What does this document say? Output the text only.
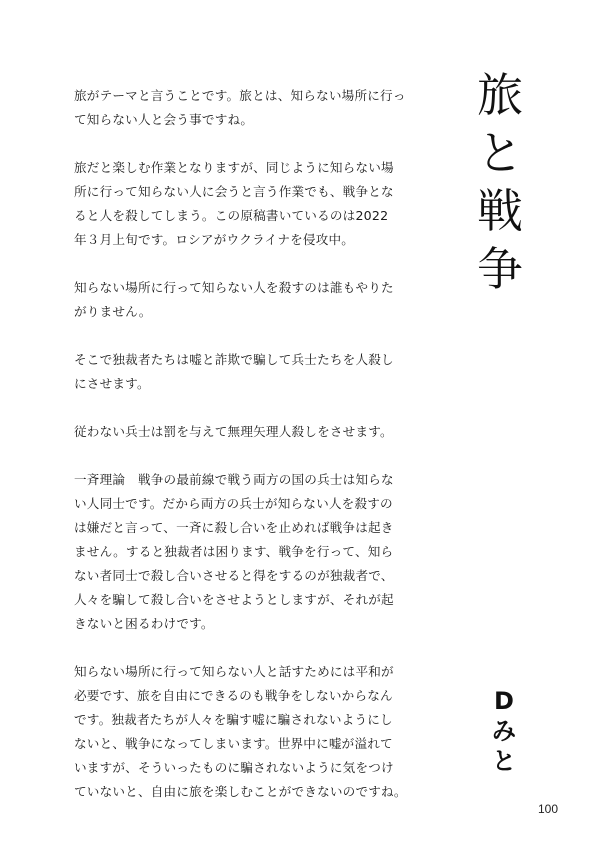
旅
と
戦
争

旅がテーマと言うことです。旅とは、知らない場所に行っ
て知らない人と会う事ですね。

旅だと楽しむ作業となりますが、同じように知らない場
所に行って知らない人に会うと言う作業でも、戦争とな
ると人を殺してしまう。この原稿書いているのは2022
年３月上旬です。ロシアがウクライナを侵攻中。

知らない場所に行って知らない人を殺すのは誰もやりた
がりません。

そこで独裁者たちは嘘と詐欺で騙して兵士たちを人殺し
にさせます。

従わない兵士は罰を与えて無理矢理人殺しをさせます。

一斉理論　戦争の最前線で戦う両方の国の兵士は知らな
い人同士です。だから両方の兵士が知らない人を殺すの
は嫌だと言って、一斉に殺し合いを止めれば戦争は起き
ません。すると独裁者は困ります、戦争を行って、知ら
ない者同士で殺し合いさせると得をするのが独裁者で、
人々を騙して殺し合いをさせようとしますが、それが起
きないと困るわけです。

知らない場所に行って知らない人と話すためには平和が
必要です、旅を自由にできるのも戦争をしないからなん
です。独裁者たちが人々を騙す嘘に騙されないようにし
ないと、戦争になってしまいます。世界中に嘘が溢れて
いますが、そういったものに騙されないように気をつけ
ていないと、自由に旅を楽しむことができないのですね。

D
み
と
100
